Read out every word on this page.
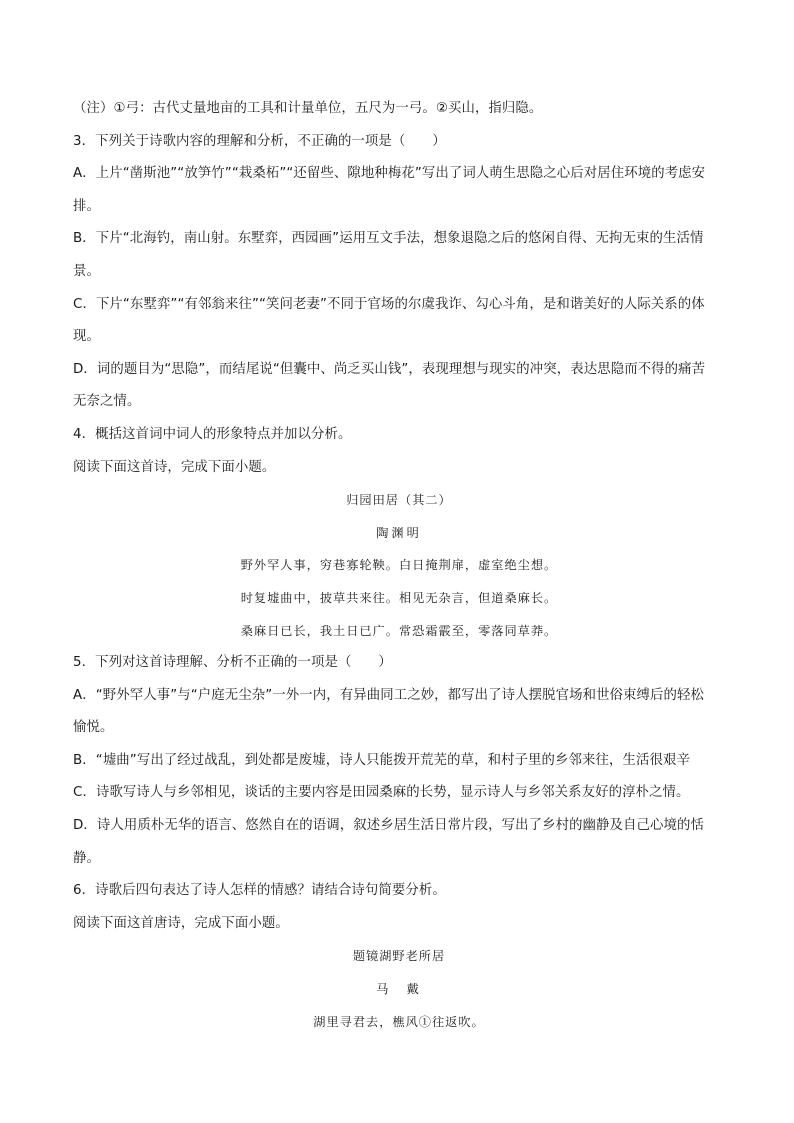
（注）①弓：古代丈量地亩的工具和计量单位，五尺为一弓。②买山，指归隐。
3．下列关于诗歌内容的理解和分析，不正确的一项是（　　）
A．上片“凿斯池”“放笋竹”“栽桑柘”“还留些、隙地种梅花”写出了词人萌生思隐之心后对居住环境的考虑安
排。
B．下片“北海钓，南山射。东墅弈，西园画”运用互文手法，想象退隐之后的悠闲自得、无拘无束的生活情
景。
C．下片“东墅弈”“有邻翁来往”“笑问老妻”不同于官场的尔虞我诈、勾心斗角，是和谐美好的人际关系的体
现。
D．词的题目为“思隐”，而结尾说“但囊中、尚乏买山钱”，表现理想与现实的冲突，表达思隐而不得的痛苦
无奈之情。
4．概括这首词中词人的形象特点并加以分析。
阅读下面这首诗，完成下面小题。
归园田居（其二）
陶渊明
野外罕人事，穷巷寡轮鞅。白日掩荆扉，虚室绝尘想。
时复墟曲中，披草共来往。相见无杂言，但道桑麻长。
桑麻日已长，我土日已广。常恐霜霰至，零落同草莽。
5．下列对这首诗理解、分析不正确的一项是（　　）
A．“野外罕人事”与“户庭无尘杂”一外一内，有异曲同工之妙，都写出了诗人摆脱官场和世俗束缚后的轻松
愉悦。
B．“墟曲”写出了经过战乱，到处都是废墟，诗人只能拨开荒芜的草，和村子里的乡邻来往，生活很艰辛
C．诗歌写诗人与乡邻相见，谈话的主要内容是田园桑麻的长势，显示诗人与乡邻关系友好的淳朴之情。
D．诗人用质朴无华的语言、悠然自在的语调，叙述乡居生活日常片段，写出了乡村的幽静及自己心境的恬
静。
6．诗歌后四句表达了诗人怎样的情感？请结合诗句简要分析。
阅读下面这首唐诗，完成下面小题。
题镜湖野老所居
马　戴
湖里寻君去，樵风①往返吹。
